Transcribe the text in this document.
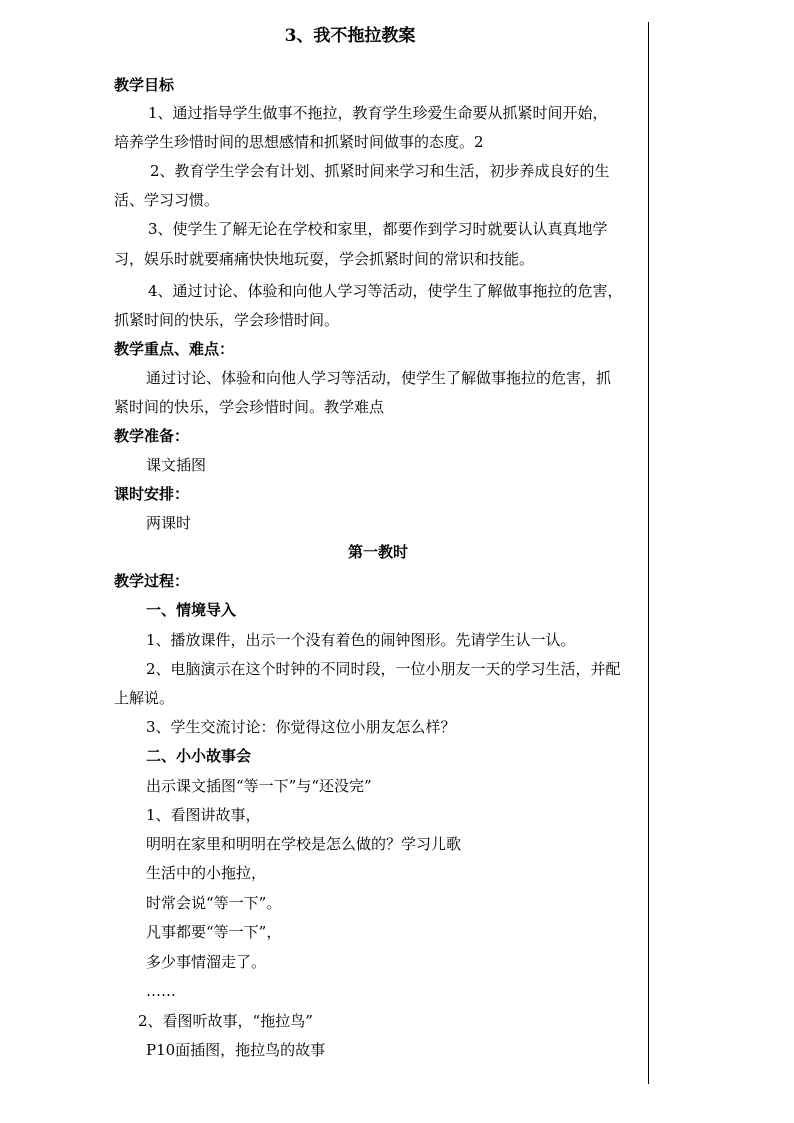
3、我不拖拉教案
教学目标
1、通过指导学生做事不拖拉，教育学生珍爱生命要从抓紧时间开始，
培养学生珍惜时间的思想感情和抓紧时间做事的态度。2
2、教育学生学会有计划、抓紧时间来学习和生活，初步养成良好的生
活、学习习惯。
3、使学生了解无论在学校和家里，都要作到学习时就要认认真真地学
习，娱乐时就要痛痛快快地玩耍，学会抓紧时间的常识和技能。
4、通过讨论、体验和向他人学习等活动，使学生了解做事拖拉的危害，
抓紧时间的快乐，学会珍惜时间。
教学重点、难点：
通过讨论、体验和向他人学习等活动，使学生了解做事拖拉的危害，抓
紧时间的快乐，学会珍惜时间。教学难点
教学准备：
课文插图
课时安排：
两课时
第一教时
教学过程：
一、情境导入
1、播放课件，出示一个没有着色的闹钟图形。先请学生认一认。
2、电脑演示在这个时钟的不同时段，一位小朋友一天的学习生活，并配
上解说。
3、学生交流讨论：你觉得这位小朋友怎么样？
二、小小故事会
出示课文插图“等一下”与“还没完”
1、看图讲故事，
明明在家里和明明在学校是怎么做的？学习儿歌
生活中的小拖拉，
时常会说“等一下”。
凡事都要“等一下”，
多少事情溜走了。
……
2、看图听故事，“拖拉鸟”
P10面插图，拖拉鸟的故事
